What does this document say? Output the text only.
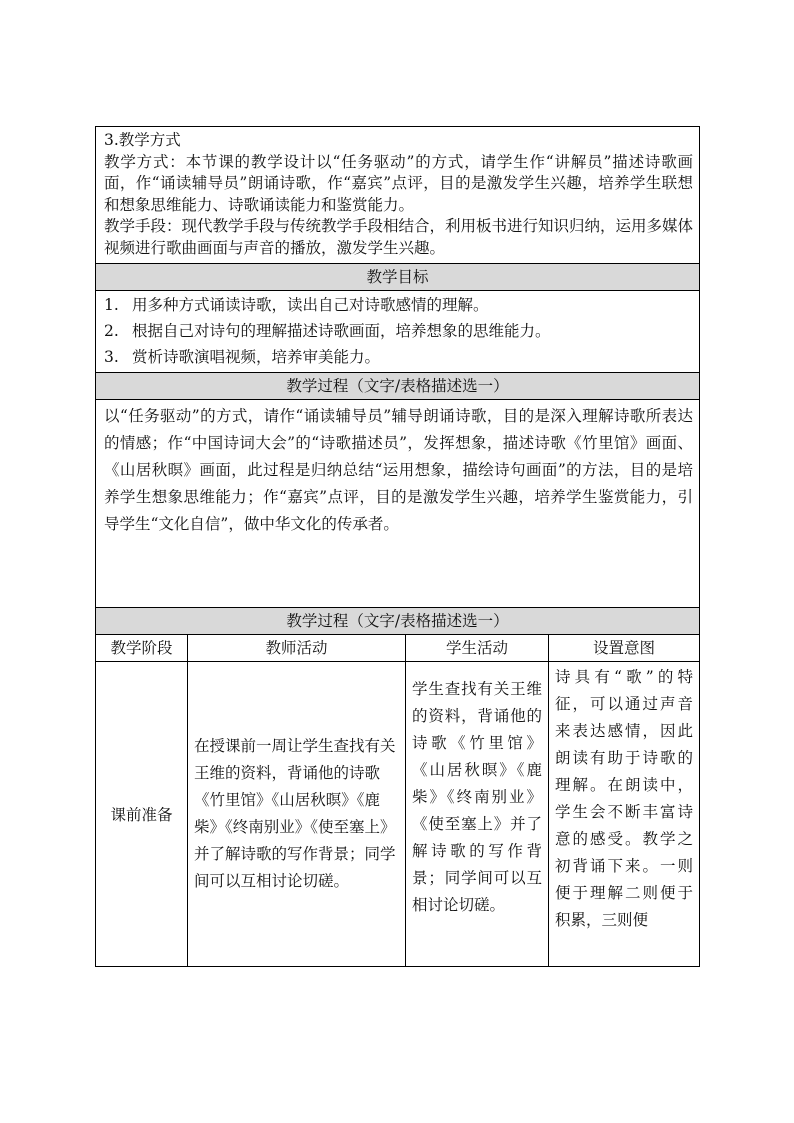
3.教学方式

教学方式：本节课的教学设计以“任务驱动”的方式，请学生作“讲解员”描述诗歌画面，作“诵读辅导员”朗诵诗歌，作“嘉宾”点评，目的是激发学生兴趣，培养学生联想和想象思维能力、诗歌诵读能力和鉴赏能力。

教学手段：现代教学手段与传统教学手段相结合，利用板书进行知识归纳，运用多媒体视频进行歌曲画面与声音的播放，激发学生兴趣。			

教学目标			

1. 用多种方式诵读诗歌，读出自己对诗歌感情的理解。
2. 根据自己对诗句的理解描述诗歌画面，培养想象的思维能力。
3. 赏析诗歌演唱视频，培养审美能力。			

教学过程（文字/表格描述选一）			
以“任务驱动”的方式，请作“诵读辅导员”辅导朗诵诗歌，目的是深入理解诗歌所表达的情感；作“中国诗词大会”的“诗歌描述员”，发挥想象，描述诗歌《竹里馆》画面、《山居秋暝》画面，此过程是归纳总结“运用想象，描绘诗句画面”的方法，目的是培养学生想象思维能力；作“嘉宾”点评，目的是激发学生兴趣，培养学生鉴赏能力，引导学生“文化自信”，做中华文化的传承者。			
教学过程（文字/表格描述选一）			
教学阶段	教师活动	学生活动	设置意图
课前准备	在授课前一周让学生查找有关王维的资料，背诵他的诗歌《竹里馆》《山居秋暝》《鹿柴》《终南别业》《使至塞上》并了解诗歌的写作背景；同学间可以互相讨论切磋。	学生查找有关王维的资料，背诵他的诗歌《竹里馆》《山居秋暝》《鹿柴》《终南别业》《使至塞上》并了解诗歌的写作背景；同学间可以互相讨论切磋。	诗具有“歌”的特征，可以通过声音来表达感情，因此朗读有助于诗歌的理解。在朗读中，学生会不断丰富诗意的感受。教学之初背诵下来。一则便于理解二则便于积累，三则便
